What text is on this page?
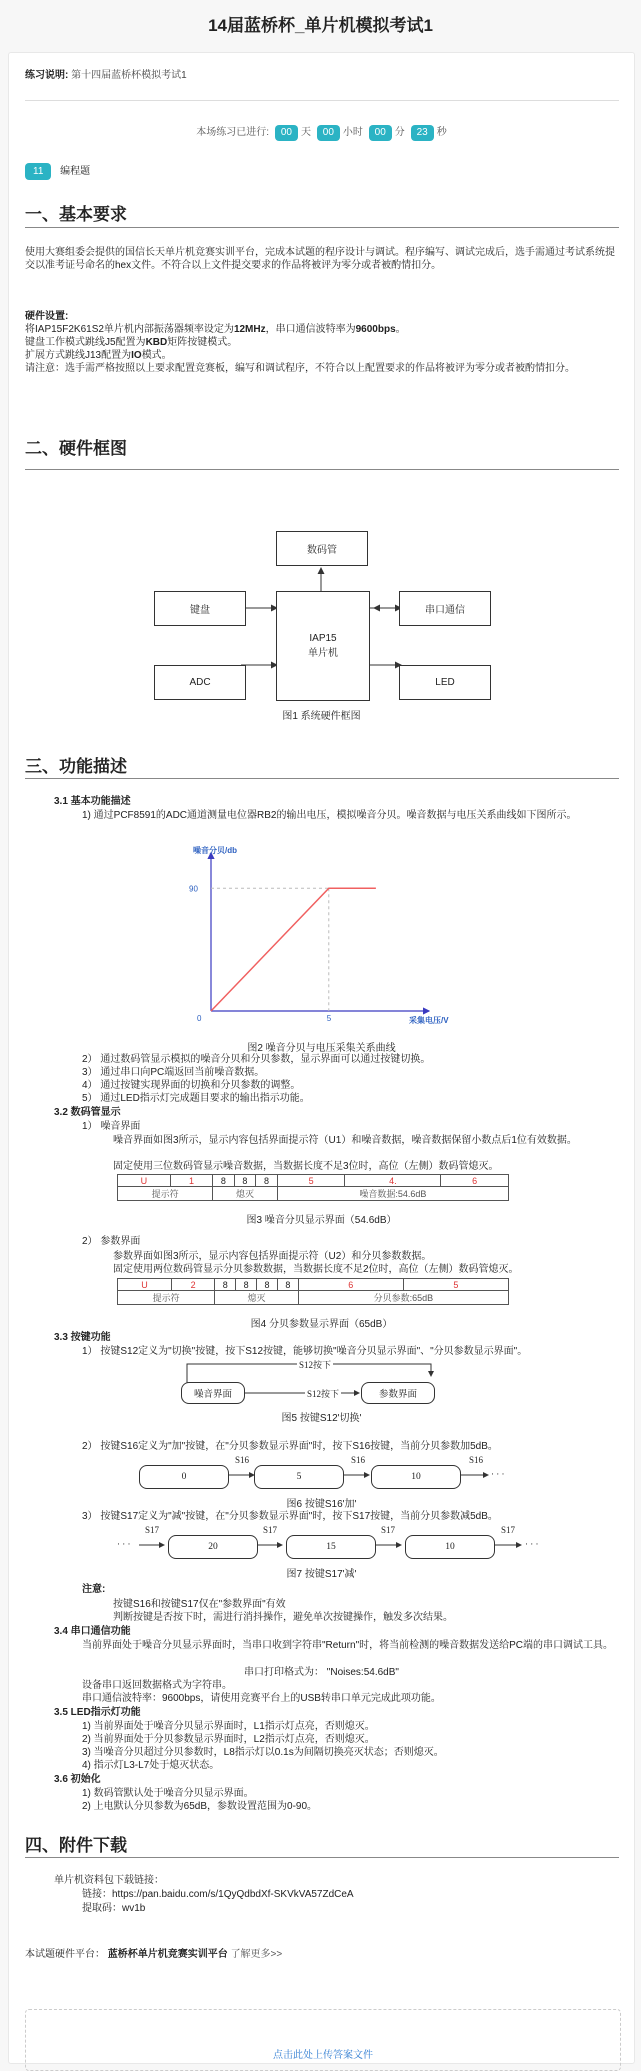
14届蓝桥杯_单片机模拟考试1
练习说明: 第十四届蓝桥杯模拟考试1
本场练习已进行: 00 天 00 小时 00 分 23 秒
11 编程题
一、基本要求
使用大赛组委会提供的国信长天单片机竞赛实训平台，完成本试题的程序设计与调试。程序编写、调试完成后，选手需通过考试系统提交以准考证号命名的hex文件。不符合以上文件提交要求的作品将被评为零分或者被酌情扣分。
硬件设置:
将IAP15F2K61S2单片机内部振荡器频率设定为12MHz，串口通信波特率为9600bps。
键盘工作模式跳线J5配置为KBD矩阵按键模式。
扩展方式跳线J13配置为IO模式。
请注意：选手需严格按照以上要求配置竞赛板，编写和调试程序，不符合以上配置要求的作品将被评为零分或者被酌情扣分。
二、硬件框图
数码管
键盘
IAP15
单片机
串口通信
ADC	LED
图1 系统硬件框图
三、功能描述
3.1 基本功能描述
1) 通过PCF8591的ADC通道测量电位器RB2的输出电压，模拟噪音分贝。噪音数据与电压关系曲线如下图所示。
噪音分贝/db
采集电压/V
0
90
5
图2 噪音分贝与电压采集关系曲线
2） 通过数码管显示模拟的噪音分贝和分贝参数，显示界面可以通过按键切换。
3） 通过串口向PC端返回当前噪音数据。
4） 通过按键实现界面的切换和分贝参数的调整。
5） 通过LED指示灯完成题目要求的输出指示功能。
3.2 数码管显示
1） 噪音界面
噪音界面如图3所示，显示内容包括界面提示符（U1）和噪音数据，噪音数据保留小数点后1位有效数据。
固定使用三位数码管显示噪音数据，当数据长度不足3位时，高位（左侧）数码管熄灭。
U	1	8	8	8	5	4.	6
提示符		熄灭			噪音数据:54.6dB		
图3 噪音分贝显示界面（54.6dB）
2） 参数界面
参数界面如图3所示，显示内容包括界面提示符（U2）和分贝参数数据。
固定使用两位数码管显示分贝参数数据，当数据长度不足2位时，高位（左侧）数码管熄灭。
U	2	8	8	8	8	6	5
提示符		熄灭				分贝参数:65dB	
图4 分贝参数显示界面（65dB）
3.3 按键功能
1） 按键S12定义为"切换"按键，按下S12按键，能够切换"噪音分贝显示界面"、"分贝参数显示界面"。
S12按下
S12按下
噪音界面	参数界面
图5 按键S12'切换'
2） 按键S16定义为"加"按键，在"分贝参数显示界面"时，按下S16按键，当前分贝参数加5dB。
S16	S16	S16
0	5	10	· · ·
图6 按键S16'加'
3） 按键S17定义为"减"按键，在"分贝参数显示界面"时，按下S17按键，当前分贝参数减5dB。
· · ·
S17	S17	S17	S17
20	15	10	· · ·
图7 按键S17'减'
注意:
按键S16和按键S17仅在"参数界面"有效
判断按键是否按下时，需进行消抖操作，避免单次按键操作，触发多次结果。
3.4 串口通信功能
当前界面处于噪音分贝显示界面时，当串口收到字符串"Return"时，将当前检测的噪音数据发送给PC端的串口调试工具。
串口打印格式为： "Noises:54.6dB"
设备串口返回数据格式为字符串。
串口通信波特率：9600bps，请使用竞赛平台上的USB转串口单元完成此项功能。
3.5 LED指示灯功能
1) 当前界面处于噪音分贝显示界面时，L1指示灯点亮，否则熄灭。
2) 当前界面处于分贝参数显示界面时，L2指示灯点亮，否则熄灭。
3) 当噪音分贝超过分贝参数时，L8指示灯以0.1s为间隔切换亮灭状态；否则熄灭。
4) 指示灯L3-L7处于熄灭状态。
3.6 初始化
1) 数码管默认处于噪音分贝显示界面。
2) 上电默认分贝参数为65dB，参数设置范围为0-90。
四、附件下载
单片机资料包下载链接：
链接：https://pan.baidu.com/s/1QyQdbdXf-SKVkVA57ZdCeA
提取码：wv1b
本试题硬件平台： 蓝桥杯单片机竞赛实训平台 了解更多>>
点击此处上传答案文件
